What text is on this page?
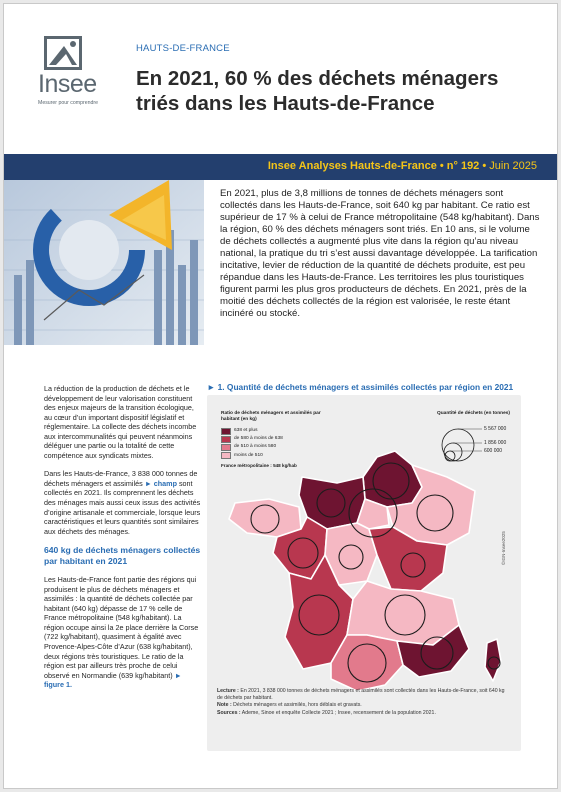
Insee
Mesurer pour comprendre
HAUTS-DE-FRANCE
En 2021, 60 % des déchets ménagers triés dans les Hauts-de-France
Insee Analyses Hauts-de-France • n° 192 • Juin 2025

En 2021, plus de 3,8 millions de tonnes de déchets ménagers sont collectés dans les Hauts-de-France, soit 640 kg par habitant. Ce ratio est supérieur de 17 % à celui de France métropolitaine (548 kg/habitant). Dans la région, 60 % des déchets ménagers sont triés. En 10 ans, si le volume de déchets collectés a augmenté plus vite dans la région qu’au niveau national, la pratique du tri s’est aussi davantage développée. La tarification incitative, levier de réduction de la quantité de déchets produite, est peu répandue dans les Hauts-de-France. Les territoires les plus touristiques figurent parmi les plus gros producteurs de déchets. En 2021, près de la moitié des déchets collectés de la région est valorisée, le reste étant incinéré ou stocké.

La réduction de la production de déchets et le développement de leur valorisation constituent des enjeux majeurs de la transition écologique, au cœur d’un important dispositif législatif et réglementaire. La collecte des déchets incombe aux intercommunalités qui peuvent néanmoins déléguer une partie ou la totalité de cette compétence aux syndicats mixtes.

Dans les Hauts-de-France, 3 838 000 tonnes de déchets ménagers et assimilés ► champ sont collectés en 2021. Ils comprennent les déchets des ménages mais aussi ceux issus des activités d’origine artisanale et commerciale, lorsque leurs caractéristiques et leurs quantités sont similaires aux déchets des ménages.

640 kg de déchets ménagers collectés par habitant en 2021

Les Hauts-de-France font partie des régions qui produisent le plus de déchets ménagers et assimilés : la quantité de déchets collectée par habitant (640 kg) dépasse de 17 % celle de France métropolitaine (548 kg/habitant). La région occupe ainsi la 2e place derrière la Corse (722 kg/habitant), quasiment à égalité avec Provence-Alpes-Côte d’Azur (638 kg/habitant), deux régions très touristiques. Le ratio de la région est par ailleurs très proche de celui observé en Normandie (639 kg/habitant) ► figure 1.

► 1. Quantité de déchets ménagers et assimilés collectés par région en 2021
Ratio de déchets ménagers et assimilés par habitant (en kg)
638 et plus
de 580 à moins de 638
de 510 à moins 580
moins de 510
France métropolitaine : 548 kg/hab
Quantité de déchets (en tonnes)
5 567 000
1 856 000
600 000
©IGN-Insee2025
Lecture : En 2021, 3 838 000 tonnes de déchets ménagers et assimilés sont collectés dans les Hauts-de-France, soit 640 kg de déchets par habitant.
Note : Déchets ménagers et assimilés, hors déblais et gravats.
Sources : Ademe, Sinoe et enquête Collecte 2021 ; Insee, recensement de la population 2021.
